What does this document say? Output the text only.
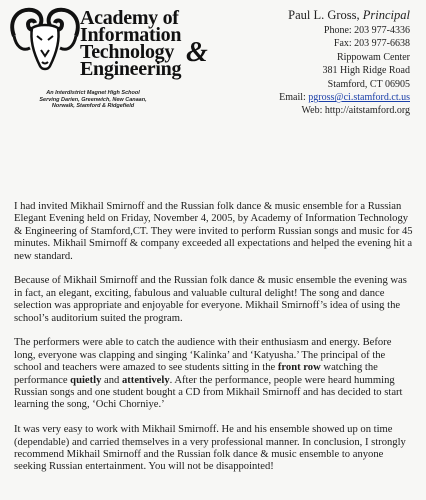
Academy of
Information
Technology &
Engineering
An Interdistrict Magnet High School
Serving Darien, Greenwich, New Canaan,
Norwalk, Stamford & Ridgefield
Paul L. Gross, Principal
Phone: 203 977-4336
Fax: 203 977-6638
Rippowam Center
381 High Ridge Road
Stamford, CT 06905
Email: pgross@ci.stamford.ct.us
Web: http://aitstamford.org

I had invited Mikhail Smirnoff and the Russian folk dance & music ensemble for a Russian Elegant Evening held on Friday, November 4, 2005, by Academy of Information Technology & Engineering of Stamford,CT. They were invited to perform Russian songs and music for 45 minutes. Mikhail Smirnoff & company exceeded all expectations and helped the evening hit a new standard.

Because of Mikhail Smirnoff and the Russian folk dance & music ensemble the evening was in fact, an elegant, exciting, fabulous and valuable cultural delight! The song and dance selection was appropriate and enjoyable for everyone. Mikhail Smirnoff’s idea of using the school’s auditorium suited the program.

The performers were able to catch the audience with their enthusiasm and energy. Before long, everyone was clapping and singing ‘Kalinka’ and ‘Katyusha.’ The principal of the school and teachers were amazed to see students sitting in the front row watching the performance quietly and attentively. After the performance, people were heard humming Russian songs and one student bought a CD from Mikhail Smirnoff and has decided to start learning the song, ‘Ochi Chorniye.’

It was very easy to work with Mikhail Smirnoff. He and his ensemble showed up on time (dependable) and carried themselves in a very professional manner. In conclusion, I strongly recommend Mikhail Smirnoff and the Russian folk dance & music ensemble to anyone seeking Russian entertainment. You will not be disappointed!
